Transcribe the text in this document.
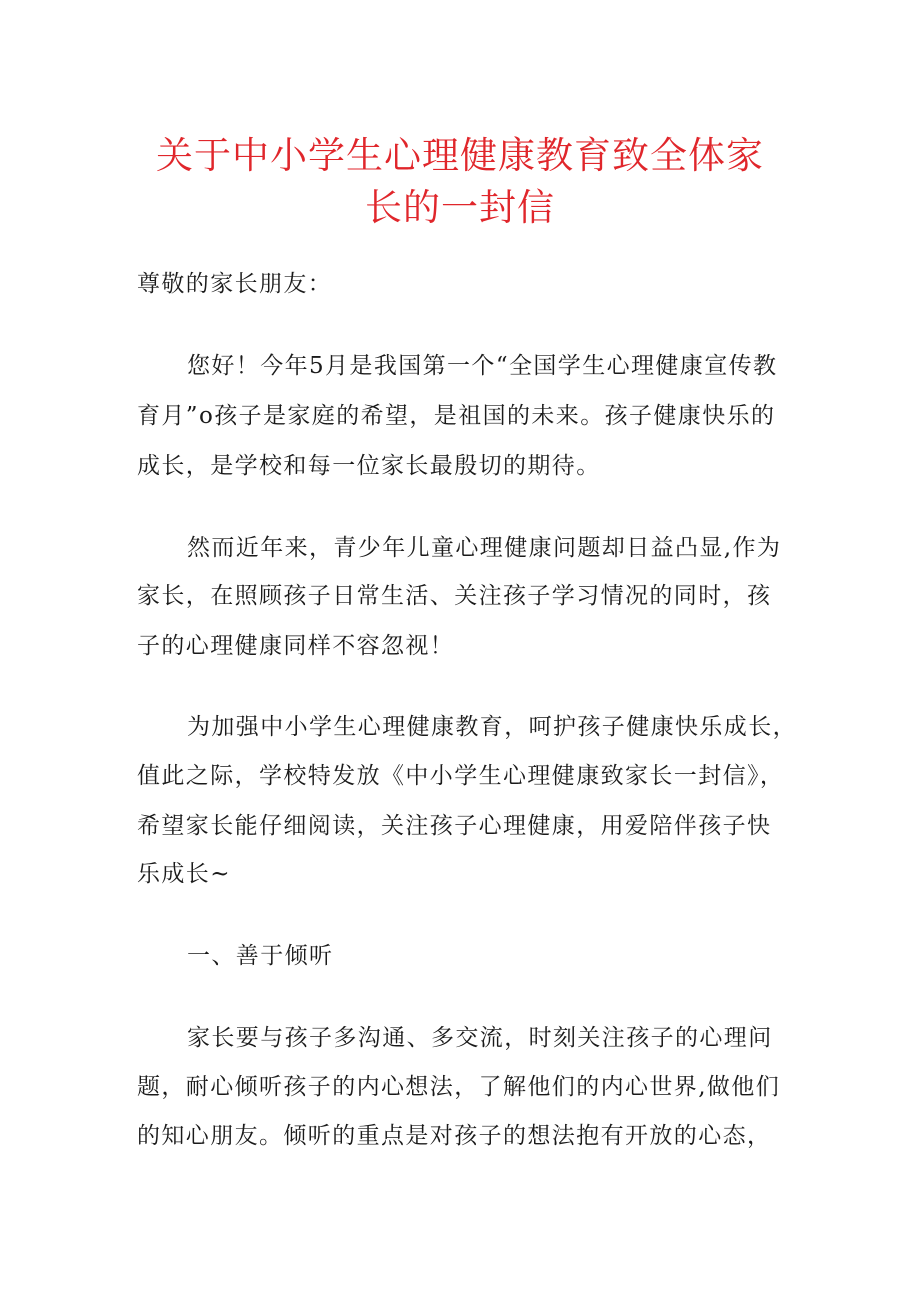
关于中小学生心理健康教育致全体家
长的一封信
尊敬的家长朋友：
您好！今年5月是我国第一个“全国学生心理健康宣传教
育月”o孩子是家庭的希望，是祖国的未来。孩子健康快乐的
成长，是学校和每一位家长最殷切的期待。
然而近年来，青少年儿童心理健康问题却日益凸显,作为
家长，在照顾孩子日常生活、关注孩子学习情况的同时，孩
子的心理健康同样不容忽视！
为加强中小学生心理健康教育，呵护孩子健康快乐成长，
值此之际，学校特发放《中小学生心理健康致家长一封信》，
希望家长能仔细阅读，关注孩子心理健康，用爱陪伴孩子快
乐成长~
一、善于倾听
家长要与孩子多沟通、多交流，时刻关注孩子的心理问
题，耐心倾听孩子的内心想法，了解他们的内心世界,做他们
的知心朋友。倾听的重点是对孩子的想法抱有开放的心态，
